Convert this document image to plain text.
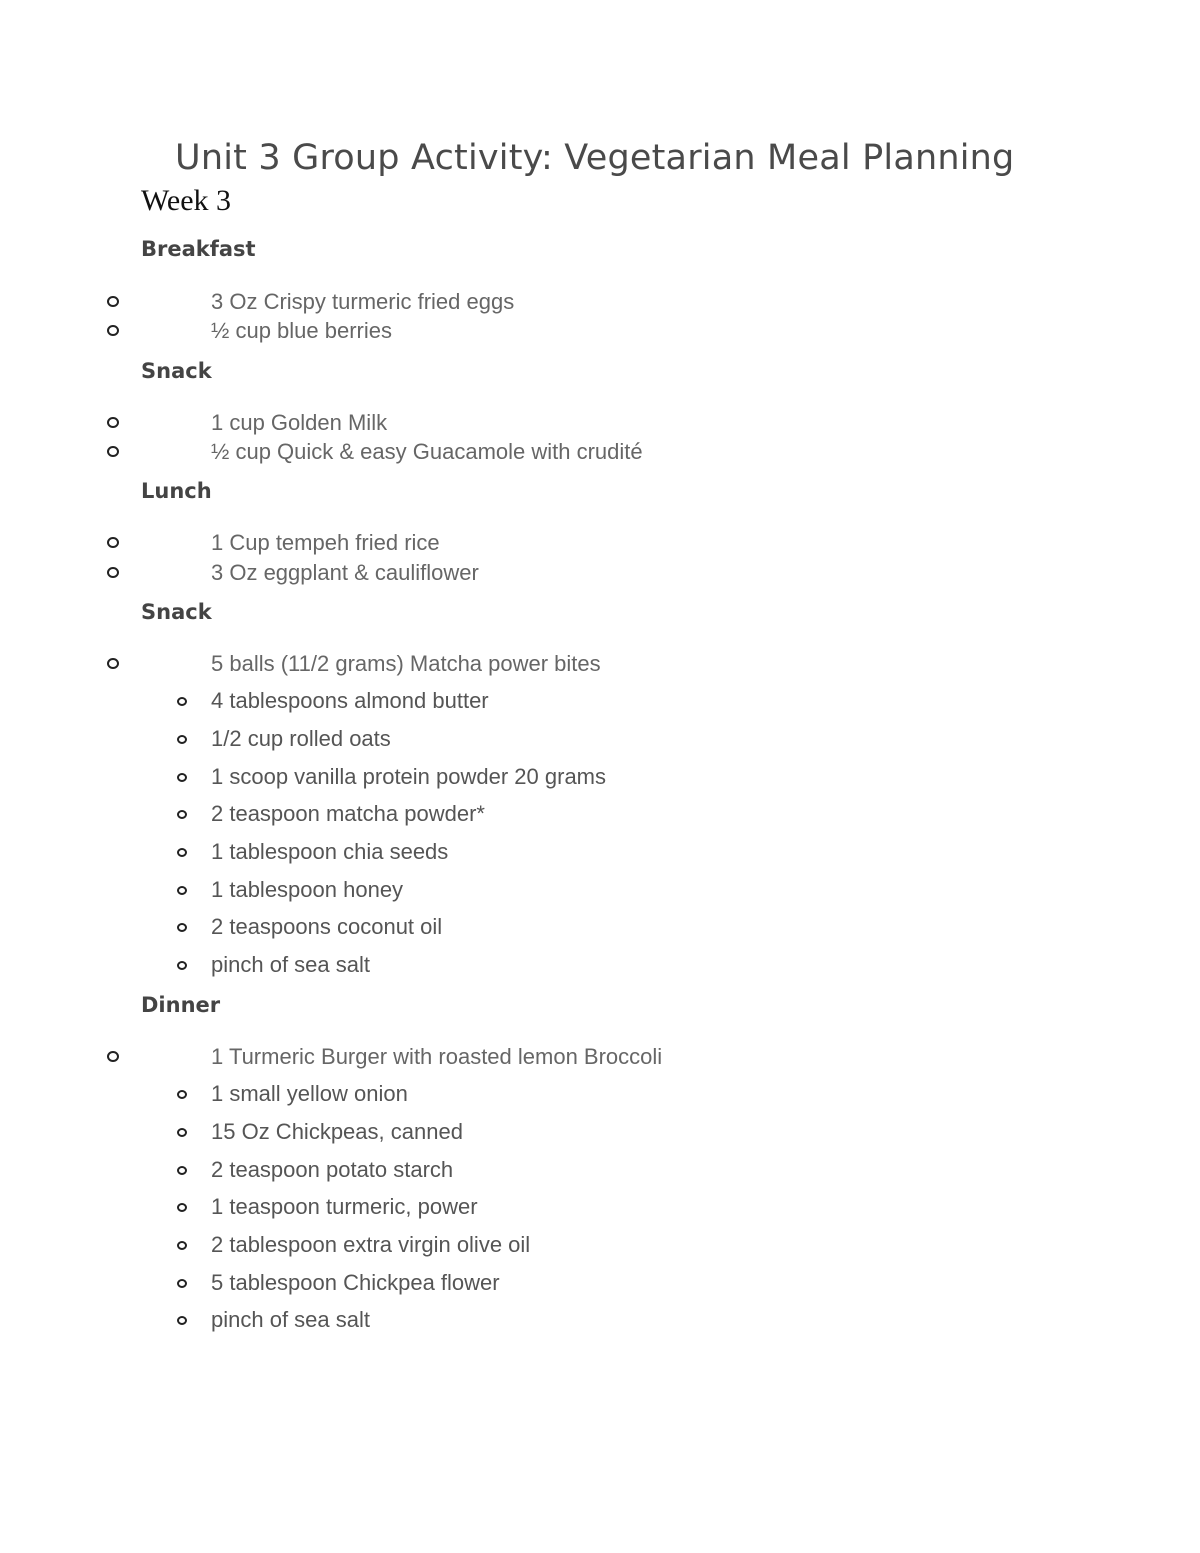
Unit 3 Group Activity: Vegetarian Meal Planning
Week 3
Breakfast
3 Oz Crispy turmeric fried eggs
½ cup blue berries
Snack
1 cup Golden Milk
½ cup Quick & easy Guacamole with crudité
Lunch
1 Cup tempeh fried rice
3 Oz eggplant & cauliflower
Snack
5 balls (11/2 grams) Matcha power bites
4 tablespoons almond butter
1/2 cup rolled oats
1 scoop vanilla protein powder 20 grams
2 teaspoon matcha powder*
1 tablespoon chia seeds
1 tablespoon honey
2 teaspoons coconut oil
pinch of sea salt
Dinner
1 Turmeric Burger with roasted lemon Broccoli
1 small yellow onion
15 Oz Chickpeas, canned
2 teaspoon potato starch
1 teaspoon turmeric, power
2 tablespoon extra virgin olive oil
5 tablespoon Chickpea flower
pinch of sea salt
